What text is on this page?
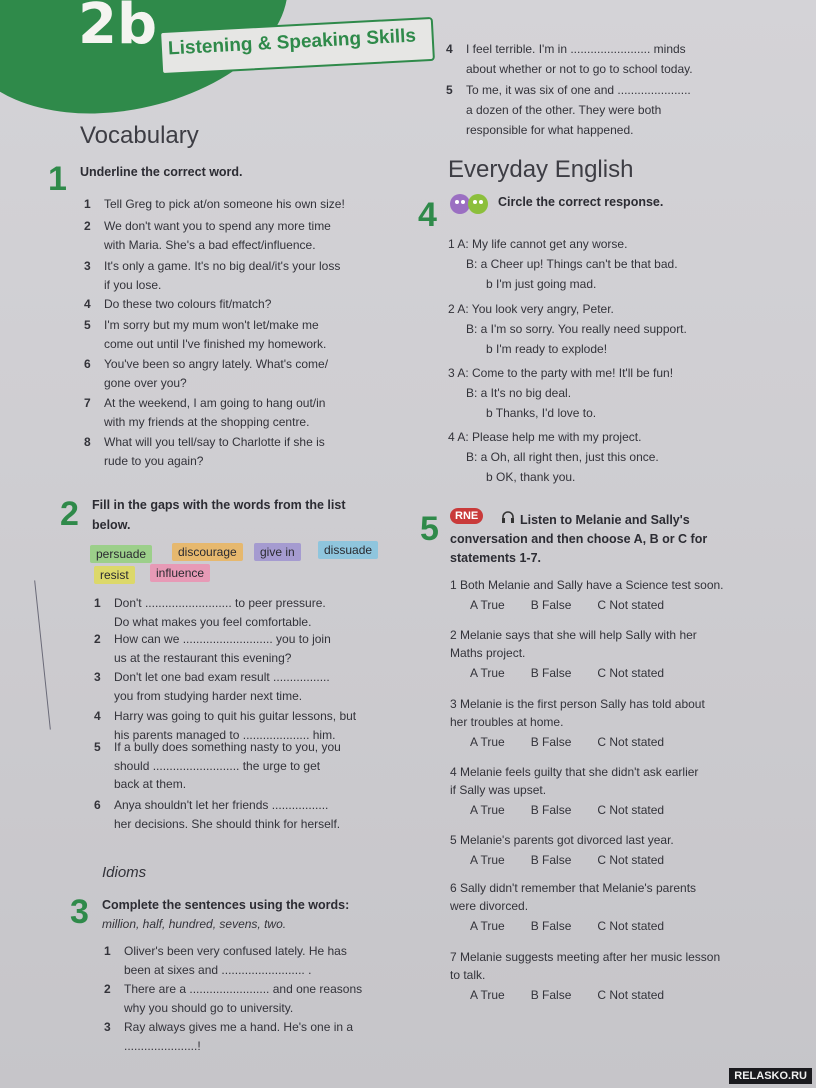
2b Listening & Speaking Skills
Vocabulary
1 Underline the correct word.
1 Tell Greg to pick at/on someone his own size!
2 We don't want you to spend any more time
with Maria. She's a bad effect/influence.
3 It's only a game. It's no big deal/it's your loss
if you lose.
4 Do these two colours fit/match?
5 I'm sorry but my mum won't let/make me
come out until I've finished my homework.
6 You've been so angry lately. What's come/
gone over you?
7 At the weekend, I am going to hang out/in
with my friends at the shopping centre.
8 What will you tell/say to Charlotte if she is
rude to you again?
2 Fill in the gaps with the words from the list
below.
persuade	discourage	give in	dissuade
resist	influence
1 Don't .......................... to peer pressure.
Do what makes you feel comfortable.
2 How can we ........................... you to join
us at the restaurant this evening?
3 Don't let one bad exam result .................
you from studying harder next time.
4 Harry was going to quit his guitar lessons, but
his parents managed to .................... him.
5 If a bully does something nasty to you, you
should .......................... the urge to get
back at them.
6 Anya shouldn't let her friends .................
her decisions. She should think for herself.
Idioms
3 Complete the sentences using the words:
million, half, hundred, sevens, two.
1 Oliver's been very confused lately. He has
been at sixes and ......................... .
2 There are a ........................ and one reasons
why you should go to university.
3 Ray always gives me a hand. He's one in a
......................!
4 I feel terrible. I'm in ........................ minds
about whether or not to go to school today.
5 To me, it was six of one and ......................
a dozen of the other. They were both
responsible for what happened.
Everyday English
4	Circle the correct response.
1 A: My life cannot get any worse.
B: a Cheer up! Things can't be that bad.
b I'm just going mad.
2 A: You look very angry, Peter.
B: a I'm so sorry. You really need support.
b I'm ready to explode!
3 A: Come to the party with me! It'll be fun!
B: a It's no big deal.
b Thanks, I'd love to.
4 A: Please help me with my project.
B: a Oh, all right then, just this once.
b OK, thank you.
5	RNE	Listen to Melanie and Sally's
conversation and then choose A, B or C for
statements 1-7.
1 Both Melanie and Sally have a Science test soon.
A True B False C Not stated
2 Melanie says that she will help Sally with her
Maths project.
A True B False C Not stated
3 Melanie is the first person Sally has told about
her troubles at home.
A True B False C Not stated
4 Melanie feels guilty that she didn't ask earlier
if Sally was upset.
A True B False C Not stated
5 Melanie's parents got divorced last year.
A True B False C Not stated
6 Sally didn't remember that Melanie's parents
were divorced.
A True B False C Not stated
7 Melanie suggests meeting after her music lesson
to talk.
A True B False C Not stated
RELASKO.RU
